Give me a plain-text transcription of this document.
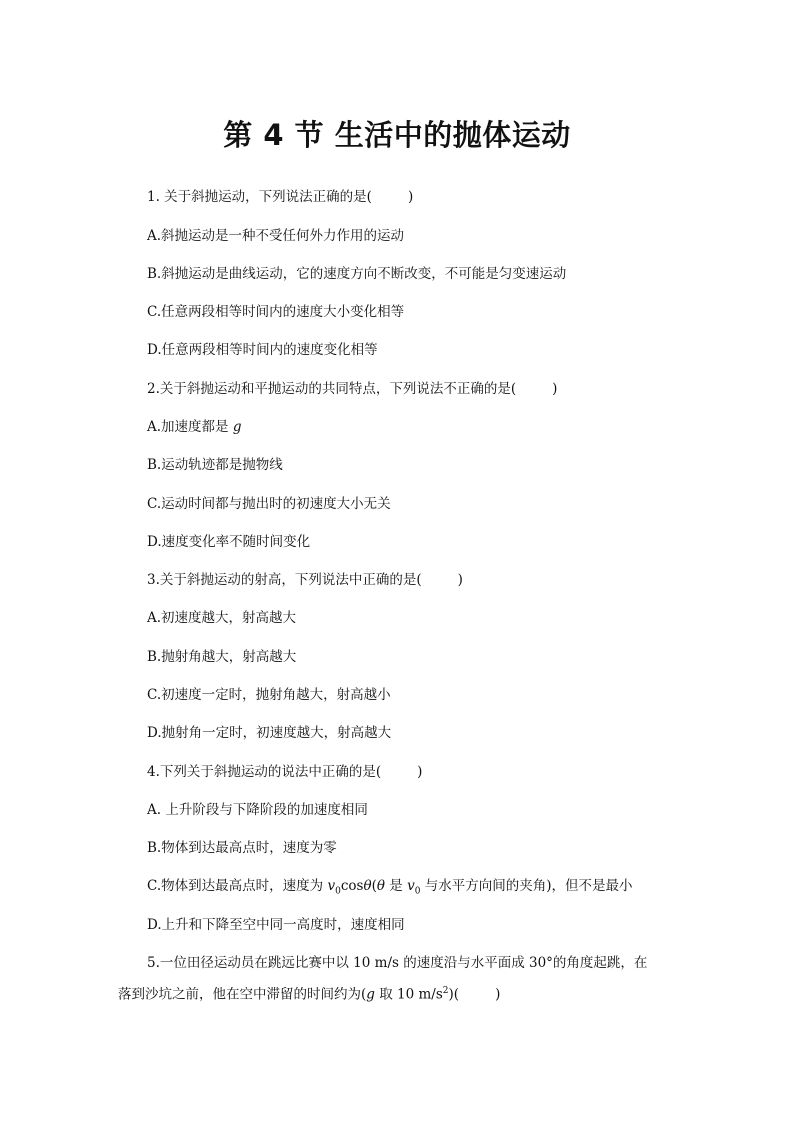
第 4 节 生活中的抛体运动
1. 关于斜抛运动，下列说法正确的是(	)
A.斜抛运动是一种不受任何外力作用的运动
B.斜抛运动是曲线运动，它的速度方向不断改变，不可能是匀变速运动
C.任意两段相等时间内的速度大小变化相等
D.任意两段相等时间内的速度变化相等
2.关于斜抛运动和平抛运动的共同特点，下列说法不正确的是(	)
A.加速度都是 g
B.运动轨迹都是抛物线
C.运动时间都与抛出时的初速度大小无关
D.速度变化率不随时间变化
3.关于斜抛运动的射高，下列说法中正确的是(	)
A.初速度越大，射高越大
B.抛射角越大，射高越大
C.初速度一定时，抛射角越大，射高越小
D.抛射角一定时，初速度越大，射高越大
4.下列关于斜抛运动的说法中正确的是(	)
A. 上升阶段与下降阶段的加速度相同
B.物体到达最高点时，速度为零
C.物体到达最高点时，速度为 $v_0\cos\theta(\theta$ 是 $v_0$ 与水平方向间的夹角)，但不是最小
D.上升和下降至空中同一高度时，速度相同
5.一位田径运动员在跳远比赛中以 10 m/s 的速度沿与水平面成 30°的角度起跳，在落到沙坑之前，他在空中滞留的时间约为(g 取 10 $m/s^2$)(	)
